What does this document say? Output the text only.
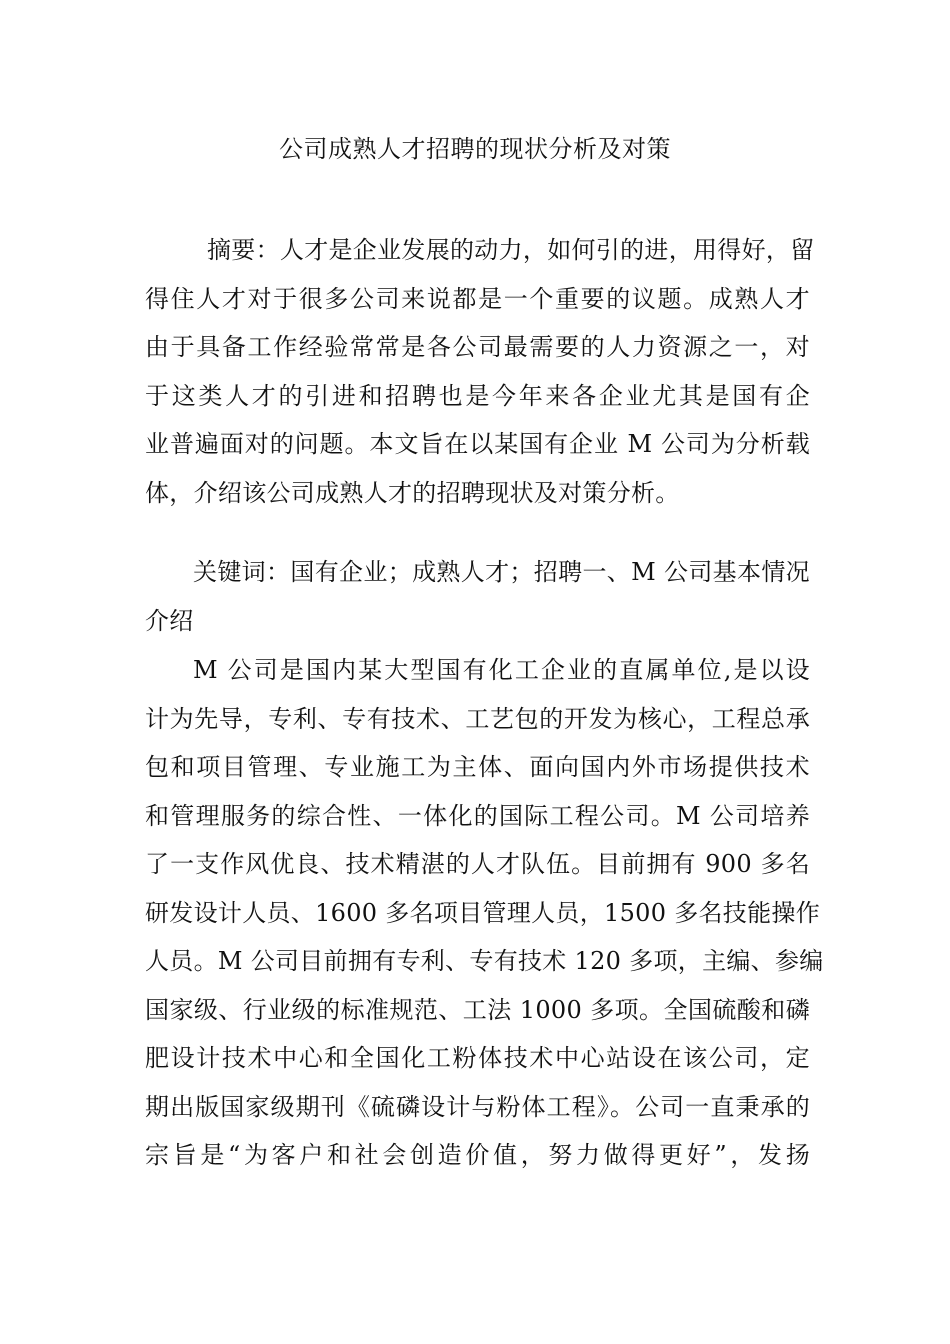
公司成熟人才招聘的现状分析及对策
摘要：人才是企业发展的动力，如何引的进，用得好，留
得住人才对于很多公司来说都是一个重要的议题。成熟人才
由于具备工作经验常常是各公司最需要的人力资源之一，对
于这类人才的引进和招聘也是今年来各企业尤其是国有企
业普遍面对的问题。本文旨在以某国有企业 M 公司为分析载
体，介绍该公司成熟人才的招聘现状及对策分析。
关键词：国有企业；成熟人才；招聘一、M 公司基本情况
介绍
M 公司是国内某大型国有化工企业的直属单位,是以设
计为先导，专利、专有技术、工艺包的开发为核心，工程总承
包和项目管理、专业施工为主体、面向国内外市场提供技术
和管理服务的综合性、一体化的国际工程公司。M 公司培养
了一支作风优良、技术精湛的人才队伍。目前拥有 900 多名
研发设计人员、1600 多名项目管理人员，1500 多名技能操作
人员。M 公司目前拥有专利、专有技术 120 多项，主编、参编
国家级、行业级的标准规范、工法 1000 多项。全国硫酸和磷
肥设计技术中心和全国化工粉体技术中心站设在该公司，定
期出版国家级期刊《硫磷设计与粉体工程》。公司一直秉承的
宗旨是“为客户和社会创造价值，努力做得更好”，发扬
